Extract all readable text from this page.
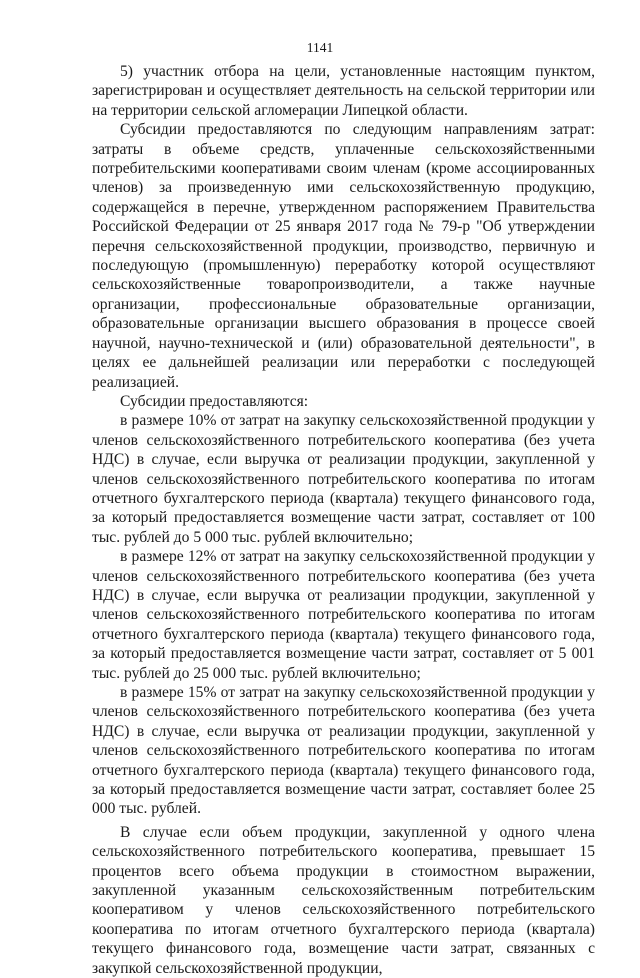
1141

5) участник отбора на цели, установленные настоящим пунктом, зарегистрирован и осуществляет деятельность на сельской территории или на территории сельской агломерации Липецкой области.

Субсидии предоставляются по следующим направлениям затрат: затраты в объеме средств, уплаченные сельскохозяйственными потребительскими кооперативами своим членам (кроме ассоциированных членов) за произведенную ими сельскохозяйственную продукцию, содержащейся в перечне, утвержденном распоряжением Правительства Российской Федерации от 25 января 2017 года № 79-р "Об утверждении перечня сельскохозяйственной продукции, производство, первичную и последующую (промышленную) переработку которой осуществляют сельскохозяйственные товаропроизводители, а также научные организации, профессиональные образовательные организации, образовательные организации высшего образования в процессе своей научной, научно-технической и (или) образовательной деятельности", в целях ее дальнейшей реализации или переработки с последующей реализацией.

Субсидии предоставляются:

в размере 10% от затрат на закупку сельскохозяйственной продукции у членов сельскохозяйственного потребительского кооператива (без учета НДС) в случае, если выручка от реализации продукции, закупленной у членов сельскохозяйственного потребительского кооператива по итогам отчетного бухгалтерского периода (квартала) текущего финансового года, за который предоставляется возмещение части затрат, составляет от 100 тыс. рублей до 5 000 тыс. рублей включительно;

в размере 12% от затрат на закупку сельскохозяйственной продукции у членов сельскохозяйственного потребительского кооператива (без учета НДС) в случае, если выручка от реализации продукции, закупленной у членов сельскохозяйственного потребительского кооператива по итогам отчетного бухгалтерского периода (квартала) текущего финансового года, за который предоставляется возмещение части затрат, составляет от 5 001 тыс. рублей до 25 000 тыс. рублей включительно;

в размере 15% от затрат на закупку сельскохозяйственной продукции у членов сельскохозяйственного потребительского кооператива (без учета НДС) в случае, если выручка от реализации продукции, закупленной у членов сельскохозяйственного потребительского кооператива по итогам отчетного бухгалтерского периода (квартала) текущего финансового года, за который предоставляется возмещение части затрат, составляет более 25 000 тыс. рублей.

В случае если объем продукции, закупленной у одного члена сельскохозяйственного потребительского кооператива, превышает 15 процентов всего объема продукции в стоимостном выражении, закупленной указанным сельскохозяйственным потребительским кооперативом у членов сельскохозяйственного потребительского кооператива по итогам отчетного бухгалтерского периода (квартала) текущего финансового года, возмещение части затрат, связанных с закупкой сельскохозяйственной продукции,
